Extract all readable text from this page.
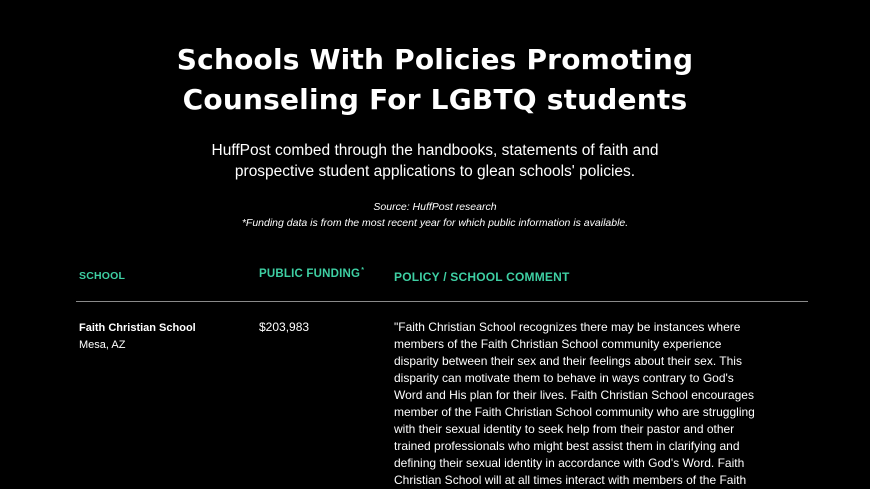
Schools With Policies Promoting
Counseling For LGBTQ students
HuffPost combed through the handbooks, statements of faith and
prospective student applications to glean schools' policies.
Source: HuffPost research
*Funding data is from the most recent year for which public information is available.
SCHOOL	PUBLIC FUNDING* POLICY / SCHOOL COMMENT
Faith Christian School
Mesa, AZ
$203,983	"Faith Christian School recognizes there may be instances where
members of the Faith Christian School community experience
disparity between their sex and their feelings about their sex. This
disparity can motivate them to behave in ways contrary to God's
Word and His plan for their lives. Faith Christian School encourages
member of the Faith Christian School community who are struggling
with their sexual identity to seek help from their pastor and other
trained professionals who might best assist them in clarifying and
defining their sexual identity in accordance with God's Word. Faith
Christian School will at all times interact with members of the Faith
